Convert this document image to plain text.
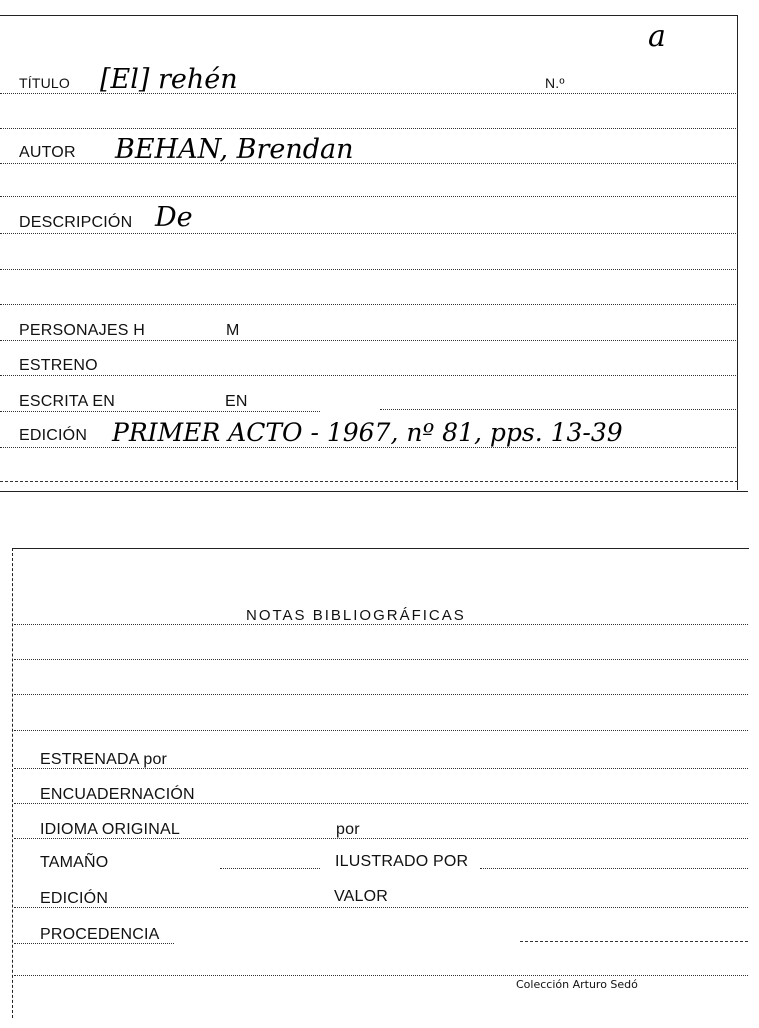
a
TÍTULO [El] rehén	N.º
AUTOR BEHAN, Brendan
DESCRIPCIÓN De
PERSONAJES H	M
ESTRENO
ESCRITA EN	EN
EDICIÓN PRIMER ACTO - 1967, nº 81, pps. 13-39
NOTAS BIBLIOGRÁFICAS
ESTRENADA por
ENCUADERNACIÓN
IDIOMA ORIGINAL	por
TAMAÑO	ILUSTRADO POR
EDICIÓN	VALOR
PROCEDENCIA
Colección Arturo Sedó
